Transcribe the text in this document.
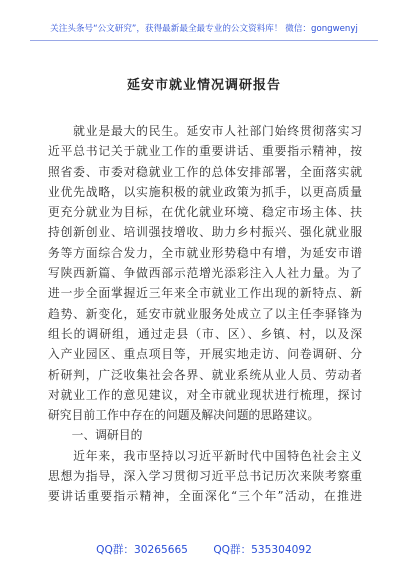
关注头条号“公文研究”，获得最新最全最专业的公文资料库！ 微信：gongwenyj
延安市就业情况调研报告
　　就业是最大的民生。延安市人社部门始终贯彻落实习
近平总书记关于就业工作的重要讲话、重要指示精神，按
照省委、市委对稳就业工作的总体安排部署，全面落实就
业优先战略，以实施积极的就业政策为抓手，以更高质量
更充分就业为目标，在优化就业环境、稳定市场主体、扶
持创新创业、培训强技增收、助力乡村振兴、强化就业服
务等方面综合发力，全市就业形势稳中有增，为延安市谱
写陕西新篇、争做西部示范增光添彩注入人社力量。为了
进一步全面掌握近三年来全市就业工作出现的新特点、新
趋势、新变化，延安市就业服务处成立了以主任李驿锋为
组长的调研组，通过走县（市、区）、乡镇、村，以及深
入产业园区、重点项目等，开展实地走访、问卷调研、分
析研判，广泛收集社会各界、就业系统从业人员、劳动者
对就业工作的意见建议，对全市就业现状进行梳理，探讨
研究目前工作中存在的问题及解决问题的思路建议。
　　一、调研目的
　　近年来，我市坚持以习近平新时代中国特色社会主义
思想为指导，深入学习贯彻习近平总书记历次来陕考察重
要讲话重要指示精神，全面深化“三个年”活动，在推进
QQ群：30265665 QQ群：535304092
